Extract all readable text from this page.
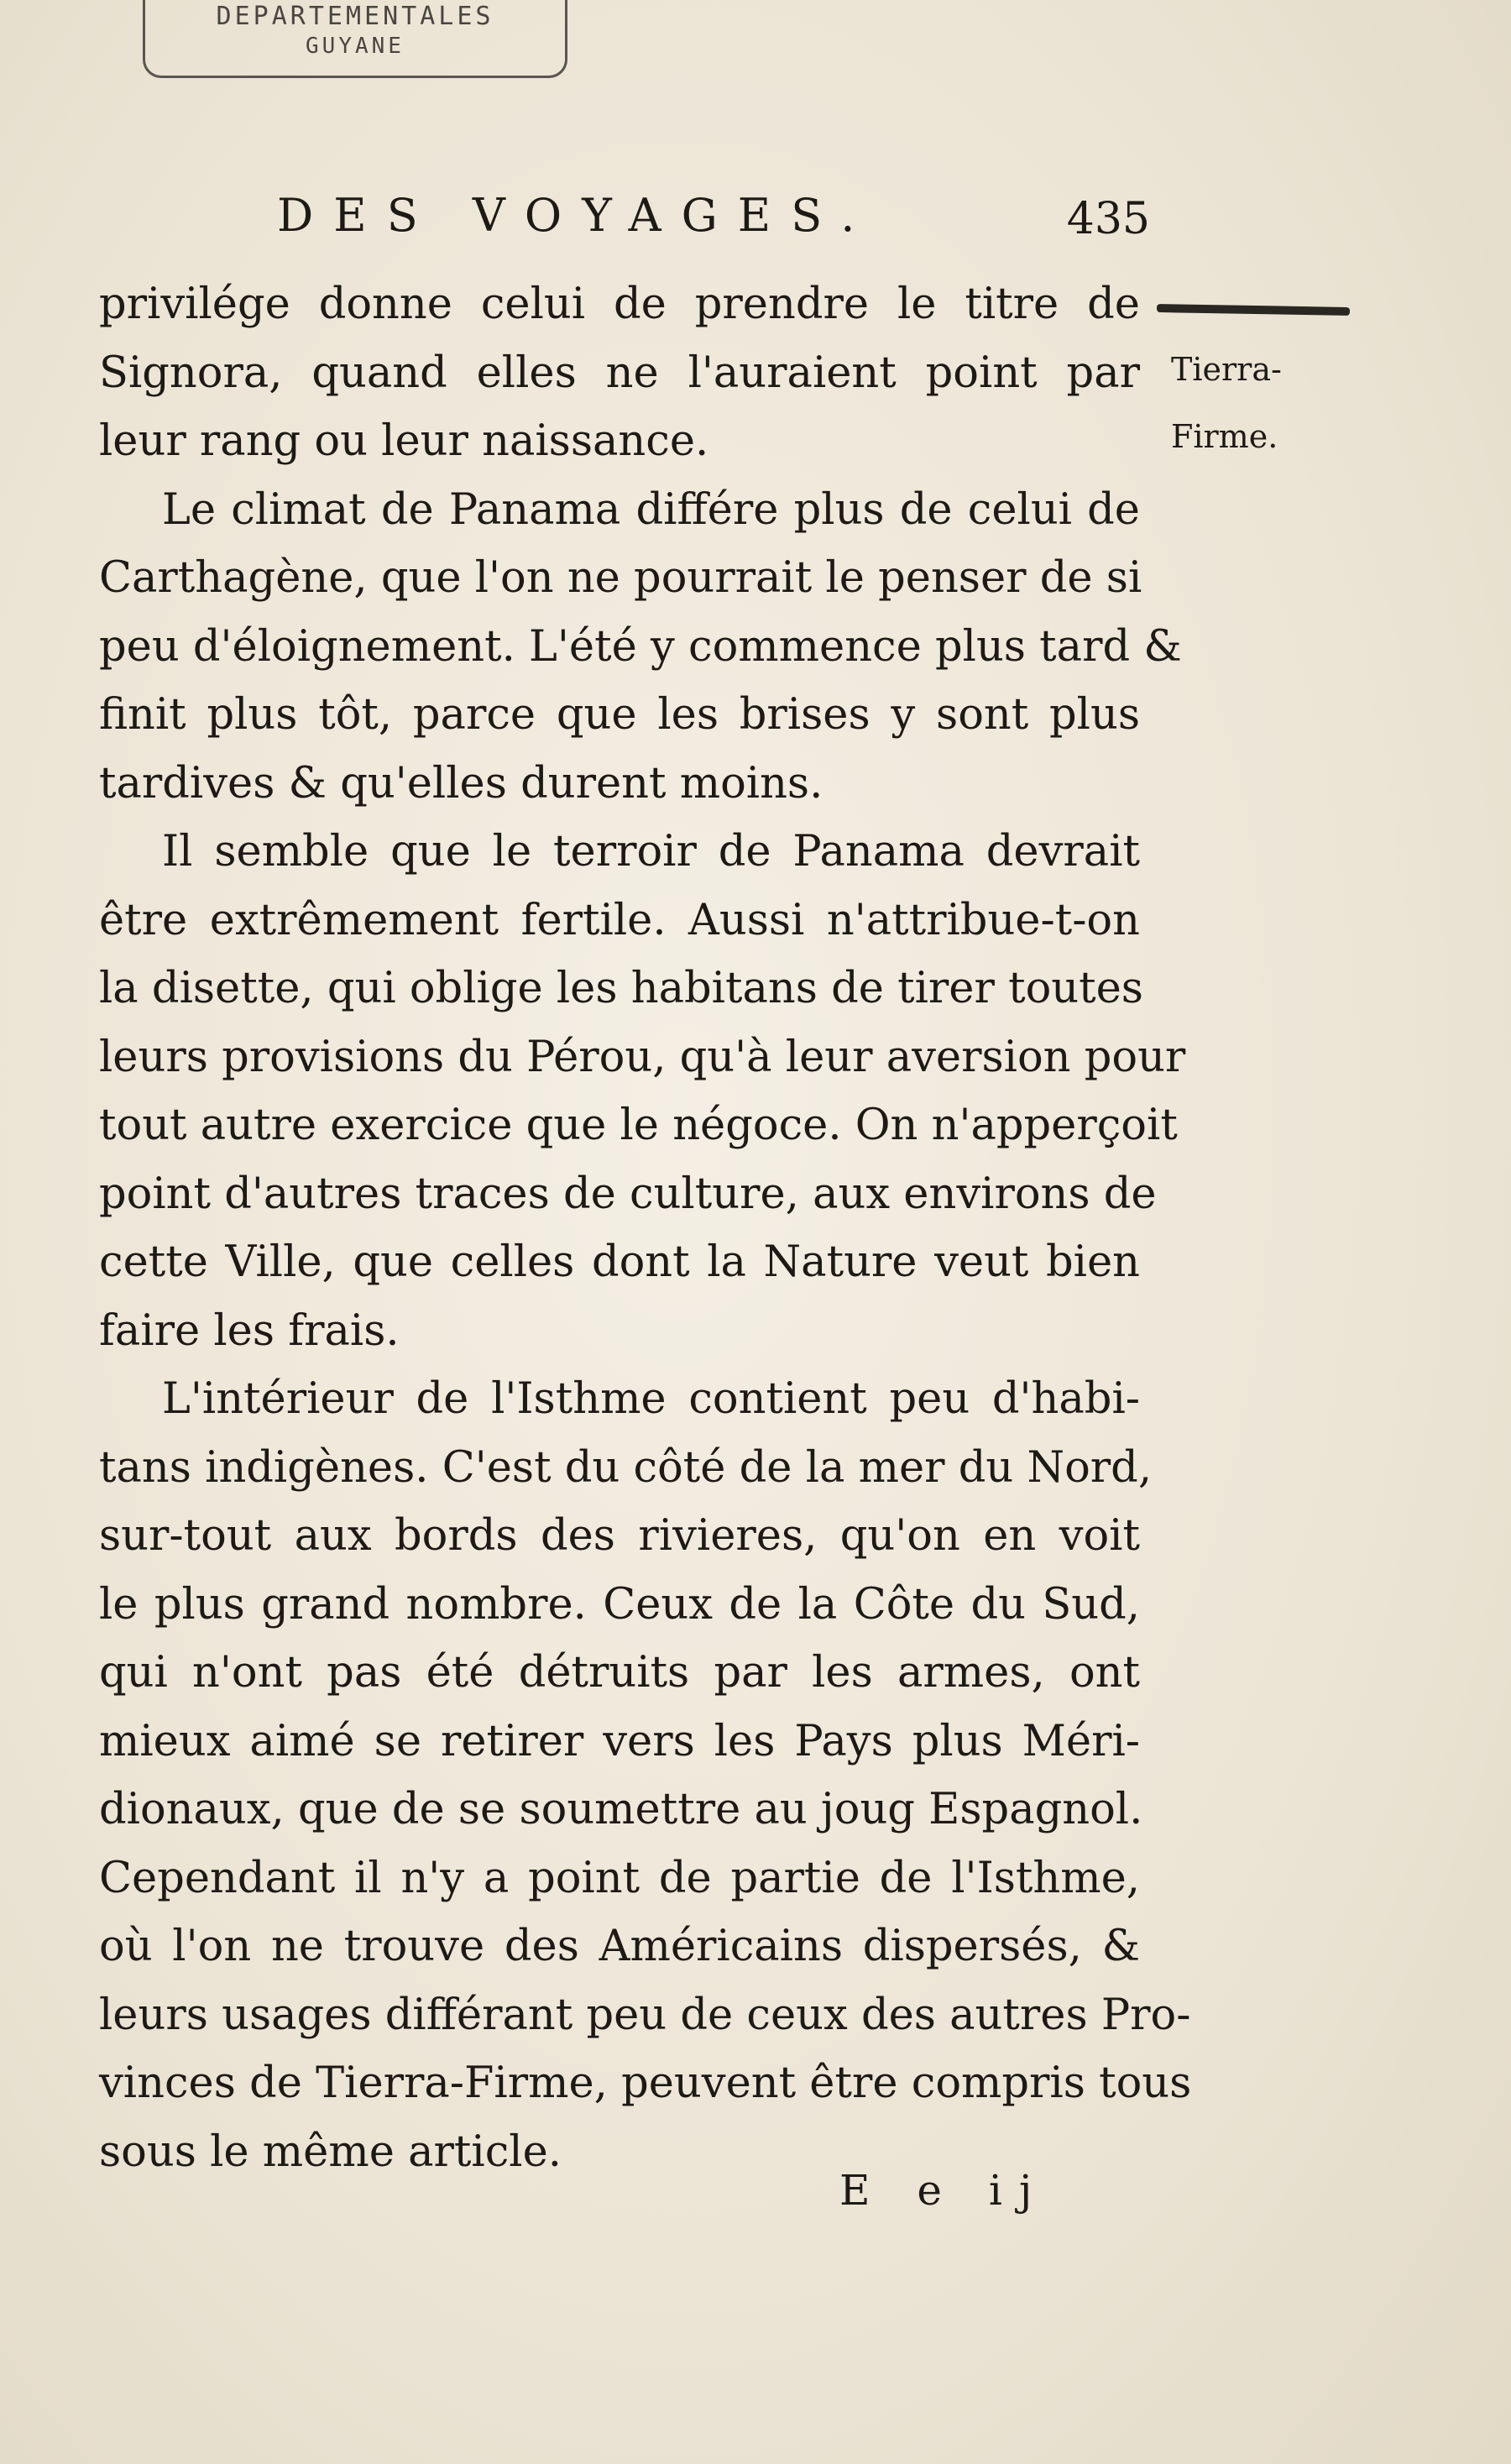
DEPARTEMENTALES
GUYANE
DES VOYAGES.	435
Tierra-
Firme.
privilége donne celui de prendre le titre de
Signora, quand elles ne l'auraient point par
leur rang ou leur naissance.
Le climat de Panama différe plus de celui de
Carthagène, que l'on ne pourrait le penser de si
peu d'éloignement. L'été y commence plus tard &
finit plus tôt, parce que les brises y sont plus
tardives & qu'elles durent moins.
Il semble que le terroir de Panama devrait
être extrêmement fertile. Aussi n'attribue-t-on
la disette, qui oblige les habitans de tirer toutes
leurs provisions du Pérou, qu'à leur aversion pour
tout autre exercice que le négoce. On n'apperçoit
point d'autres traces de culture, aux environs de
cette Ville, que celles dont la Nature veut bien
faire les frais.
L'intérieur de l'Isthme contient peu d'habi-
tans indigènes. C'est du côté de la mer du Nord,
sur-tout aux bords des rivieres, qu'on en voit
le plus grand nombre. Ceux de la Côte du Sud,
qui n'ont pas été détruits par les armes, ont
mieux aimé se retirer vers les Pays plus Méri-
dionaux, que de se soumettre au joug Espagnol.
Cependant il n'y a point de partie de l'Isthme,
où l'on ne trouve des Américains dispersés, &
leurs usages différant peu de ceux des autres Pro-
vinces de Tierra-Firme, peuvent être compris tous
sous le même article.
E e ij
